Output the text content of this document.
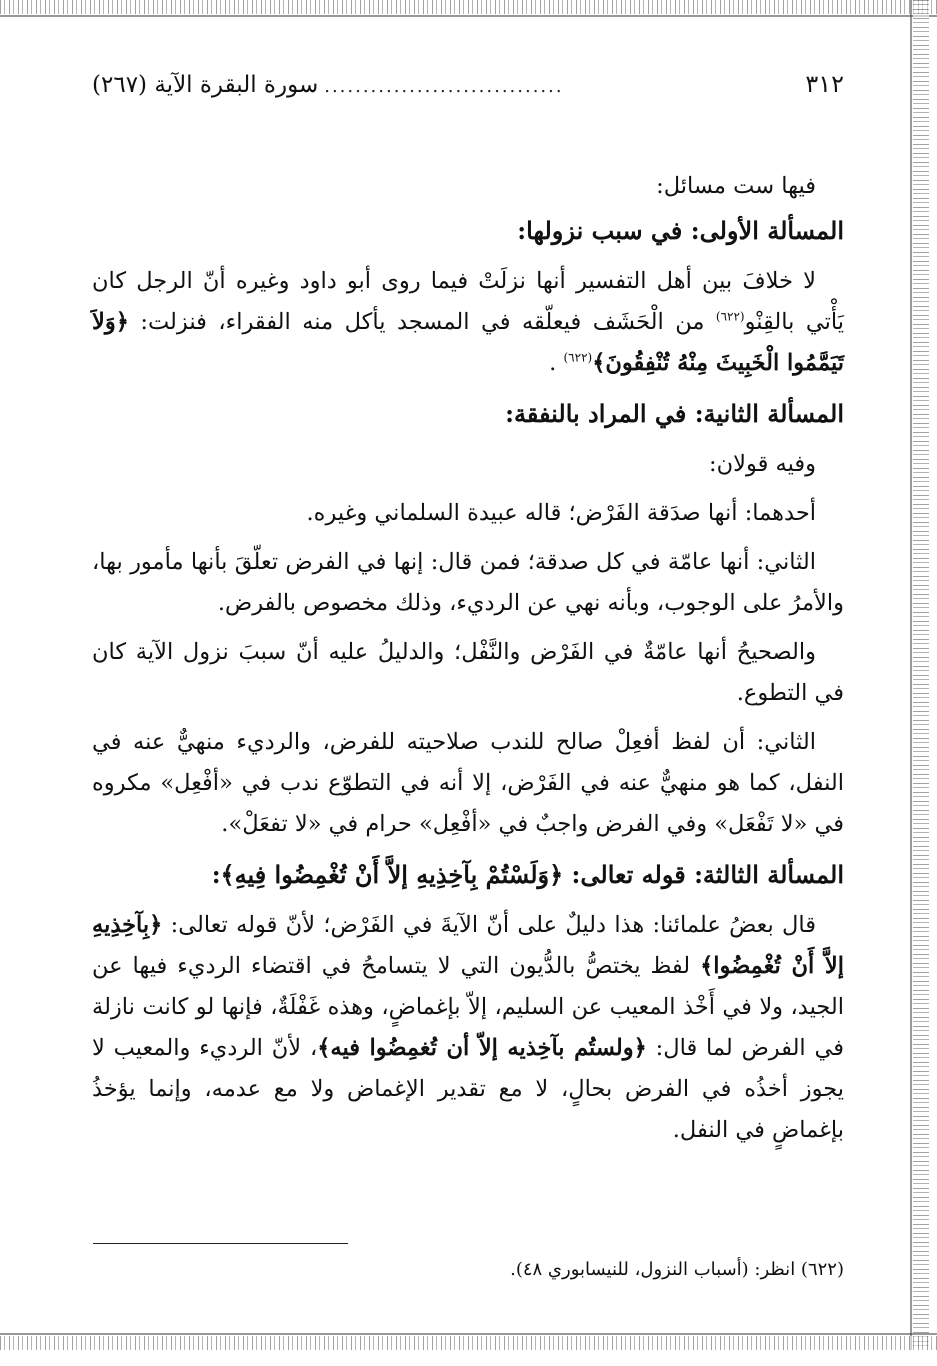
٣١٢
...............................
سورة البقرة الآية (٢٦٧)

فيها ست مسائل:

المسألة الأولى: في سبب نزولها:

لا خلافَ بين أهل التفسير أنها نزلَتْ فيما روى أبو داود وغيره أنّ الرجل كان يَأْتي بالقِنْو$^{(٦٢٢)}$ من الْحَشَف فيعلّقه في المسجد يأكل منه الفقراء، فنزلت: ﴿وَلاَ تَيَمَّمُوا الْخَبِيثَ مِنْهُ تُنْفِقُونَ﴾$^{(٦٢٢)}$ .

المسألة الثانية: في المراد بالنفقة:

وفيه قولان:

أحدهما: أنها صدَقة الفَرْض؛ قاله عبيدة السلماني وغيره.

الثاني: أنها عامّة في كل صدقة؛ فمن قال: إنها في الفرض تعلّقَ بأنها مأمور بها، والأمرُ على الوجوب، وبأنه نهي عن الرديء، وذلك مخصوص بالفرض.

والصحيحُ أنها عامّةٌ في الفَرْض والنَّفْل؛ والدليلُ عليه أنّ سببَ نزول الآية كان في التطوع.

الثاني: أن لفظ أفعِلْ صالح للندب صلاحيته للفرض، والرديء منهيٌّ عنه في النفل، كما هو منهيٌّ عنه في الفَرْض، إلا أنه في التطوّع ندب في «أفْعِل» مكروه في «لا تَفْعَل» وفي الفرض واجبٌ في «أفْعِل» حرام في «لا تفعَلْ».

المسألة الثالثة: قوله تعالى: ﴿وَلَسْتُمْ بِآخِذِيهِ إلاَّ أَنْ تُغْمِضُوا فِيهِ﴾:

قال بعضُ علمائنا: هذا دليلٌ على أنّ الآيةَ في الفَرْض؛ لأنّ قوله تعالى: ﴿بِآخِذِيهِ إلاَّ أَنْ تُغْمِضُوا﴾ لفظ يختصُّ بالدُّيون التي لا يتسامحُ في اقتضاء الرديء فيها عن الجيد، ولا في أَخْذ المعيب عن السليم، إلاّ بإغماضٍ، وهذه غَفْلَةٌ، فإنها لو كانت نازلة في الفرض لما قال: ﴿ولستُم بآخِذيه إلاّ أن تُغمِضُوا فيه﴾، لأنّ الرديء والمعيب لا يجوز أخذُه في الفرض بحالٍ، لا مع تقدير الإغماض ولا مع عدمه، وإنما يؤخذُ بإغماضٍ في النفل.

(٦٢٢) انظر: (أسباب النزول، للنيسابوري ٤٨).
